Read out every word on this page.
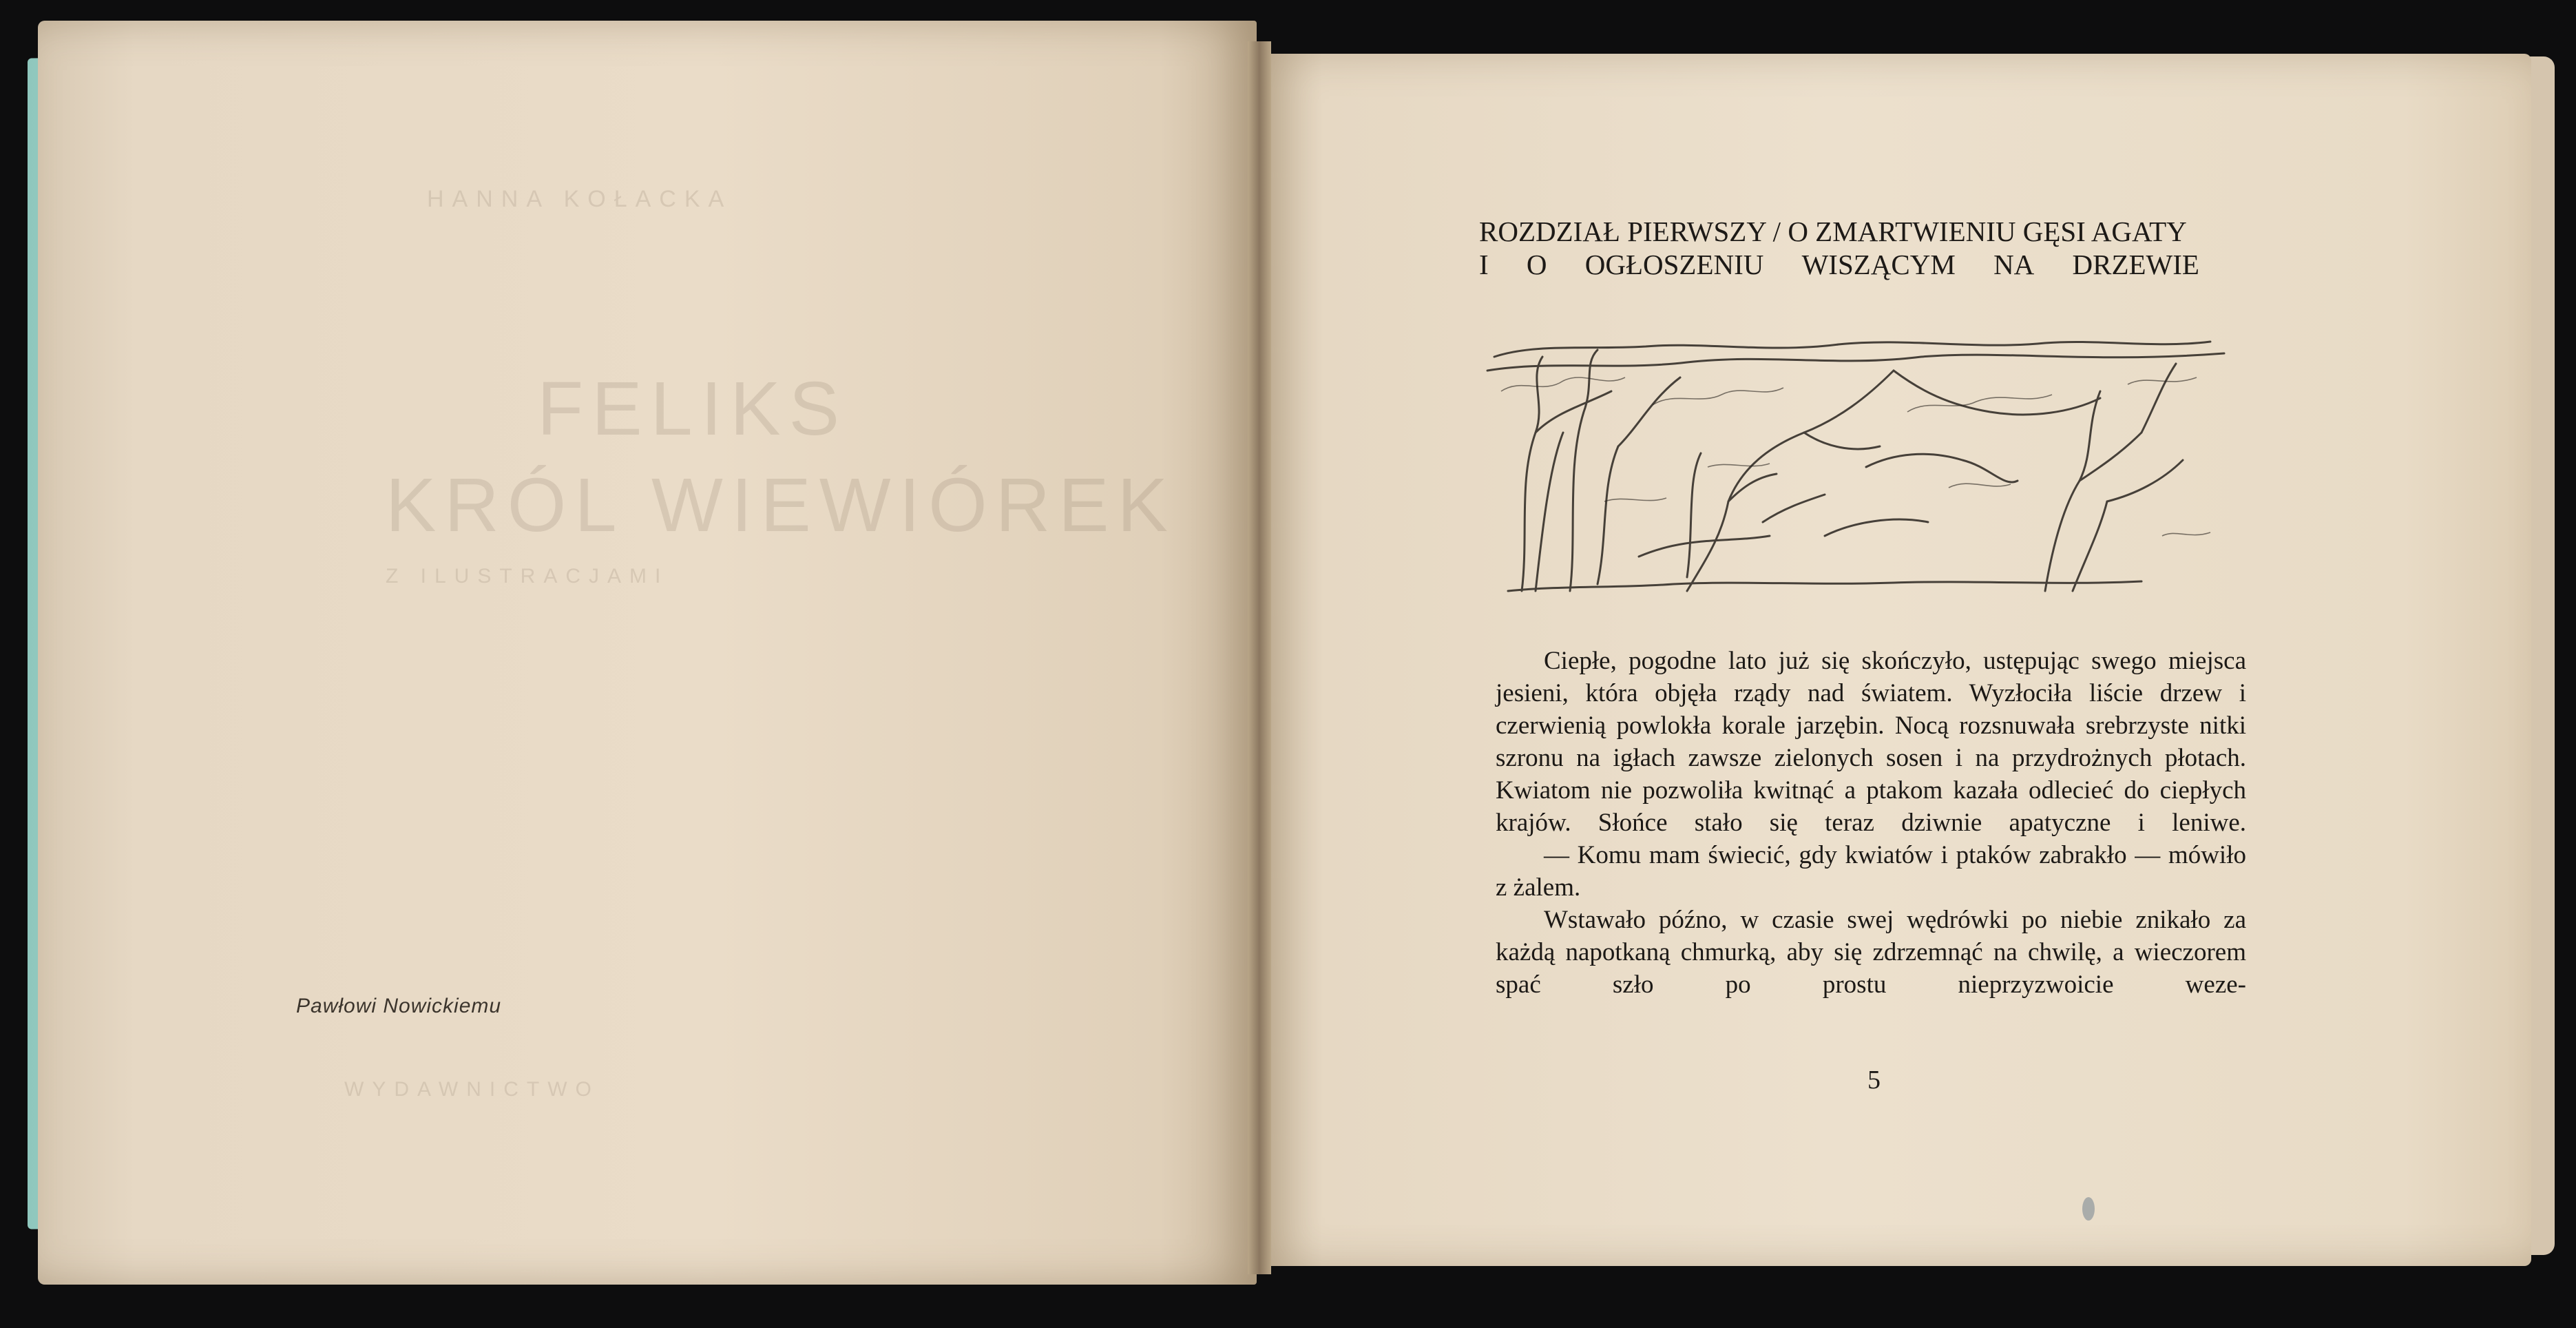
HANNA KOŁACKA
FELIKS
KRÓL WIEWIÓREK
Z ILUSTRACJAMI
WYDAWNICTWO
Pawłowi Nowickiemu
ROZDZIAŁ PIERWSZY / O ZMARTWIENIU GĘSI AGATY
I O OGŁOSZENIU WISZĄCYM NA DRZEWIE

Ciepłe, pogodne lato już się skończyło, ustępując swego miejsca jesieni, która objęła rządy nad światem. Wyzłociła liście drzew i czerwienią powlokła korale jarzębin. Nocą rozsnuwała srebrzyste nitki szronu na igłach zawsze zielonych sosen i na przydrożnych płotach. Kwiatom nie pozwoliła kwitnąć a ptakom kazała odlecieć do ciepłych krajów. Słońce stało się teraz dziwnie apatyczne i leniwe.

— Komu mam świecić, gdy kwiatów i ptaków zabrakło — mówiło z żalem.

Wstawało późno, w czasie swej wędrówki po niebie znikało za każdą napotkaną chmurką, aby się zdrzemnąć na chwilę, a wieczorem spać szło po prostu nieprzyzwoicie weze-

5
